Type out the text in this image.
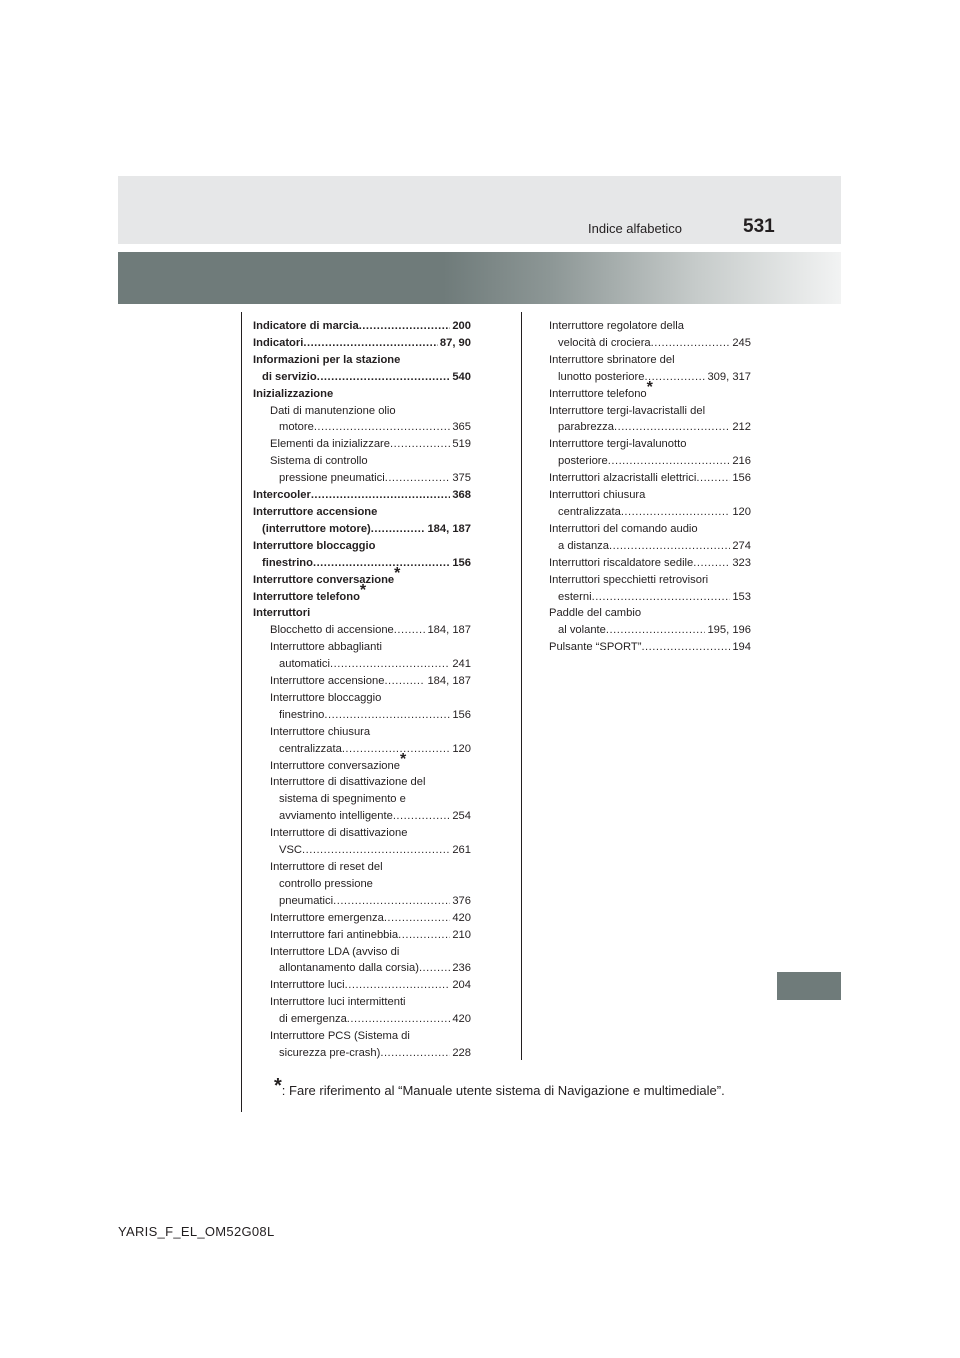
Indice alfabetico	531
Indicatore di marcia .....	200
Indicatori .....	87, 90
Informazioni per la stazione
di servizio .....	540
Inizializzazione
Dati di manutenzione olio
motore .....	365
Elementi da inizializzare .....	519
Sistema di controllo
pressione pneumatici .....	375
Intercooler .....	368
Interruttore accensione
(interruttore motore) .....	184, 187
Interruttore bloccaggio
finestrino .....	156
Interruttore conversazione *
Interruttore telefono *
Interruttori
Blocchetto di accensione .....	184, 187
Interruttore abbaglianti
automatici .....	241
Interruttore accensione .....	184, 187
Interruttore bloccaggio
finestrino .....	156
Interruttore chiusura
centralizzata .....	120
Interruttore conversazione *
Interruttore di disattivazione del
sistema di spegnimento e
avviamento intelligente .....	254
Interruttore di disattivazione
VSC .....	261
Interruttore di reset del
controllo pressione
pneumatici .....	376
Interruttore emergenza .....	420
Interruttore fari antinebbia .....	210
Interruttore LDA (avviso di
allontanamento dalla corsia) .....	236
Interruttore luci .....	204
Interruttore luci intermittenti
di emergenza .....	420
Interruttore PCS (Sistema di
sicurezza pre-crash) .....	228
Interruttore regolatore della
velocità di crociera .....	245
Interruttore sbrinatore del
lunotto posteriore .....	309, 317
Interruttore telefono *
Interruttore tergi-lavacristalli del
parabrezza .....	212
Interruttore tergi-lavalunotto
posteriore .....	216
Interruttori alzacristalli elettrici .....	156
Interruttori chiusura
centralizzata .....	120
Interruttori del comando audio
a distanza .....	274
Interruttori riscaldatore sedile .....	323
Interruttori specchietti retrovisori
esterni .....	153
Paddle del cambio
al volante .....	195, 196
Pulsante “SPORT” .....	194
*: Fare riferimento al “Manuale utente sistema di Navigazione e multimediale”.
YARIS_F_EL_OM52G08L
